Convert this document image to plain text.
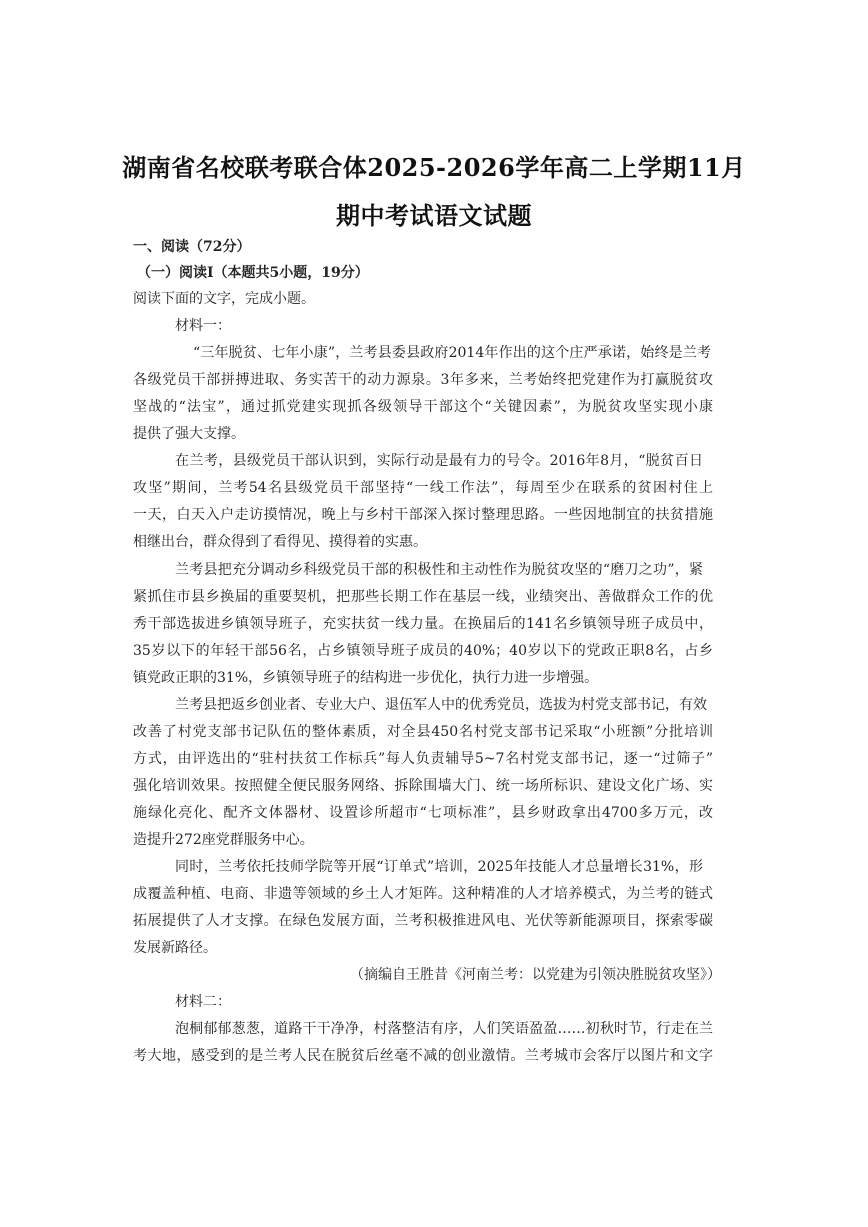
湖南省名校联考联合体2025-2026学年高二上学期11月
期中考试语文试题
一、阅读（72分）
（一）阅读Ⅰ（本题共5小题，19分）
阅读下面的文字，完成小题。
材料一：
“三年脱贫、七年小康”，兰考县委县政府2014年作出的这个庄严承诺，始终是兰考
各级党员干部拼搏进取、务实苦干的动力源泉。3年多来，兰考始终把党建作为打赢脱贫攻
坚战的“法宝”，通过抓党建实现抓各级领导干部这个“关键因素”，为脱贫攻坚实现小康
提供了强大支撑。
在兰考，县级党员干部认识到，实际行动是最有力的号令。2016年8月，“脱贫百日
攻坚”期间，兰考54名县级党员干部坚持“一线工作法”，每周至少在联系的贫困村住上
一天，白天入户走访摸情况，晚上与乡村干部深入探讨整理思路。一些因地制宜的扶贫措施
相继出台，群众得到了看得见、摸得着的实惠。
兰考县把充分调动乡科级党员干部的积极性和主动性作为脱贫攻坚的“磨刀之功”，紧
紧抓住市县乡换届的重要契机，把那些长期工作在基层一线，业绩突出、善做群众工作的优
秀干部选拔进乡镇领导班子，充实扶贫一线力量。在换届后的141名乡镇领导班子成员中，
35岁以下的年轻干部56名，占乡镇领导班子成员的40%；40岁以下的党政正职8名，占乡
镇党政正职的31%，乡镇领导班子的结构进一步优化，执行力进一步增强。
兰考县把返乡创业者、专业大户、退伍军人中的优秀党员，选拔为村党支部书记，有效
改善了村党支部书记队伍的整体素质，对全县450名村党支部书记采取“小班额”分批培训
方式，由评选出的“驻村扶贫工作标兵”每人负责辅导5~7名村党支部书记，逐一“过筛子”
强化培训效果。按照健全便民服务网络、拆除围墙大门、统一场所标识、建设文化广场、实
施绿化亮化、配齐文体器材、设置诊所超市“七项标准”，县乡财政拿出4700多万元，改
造提升272座党群服务中心。
同时，兰考依托技师学院等开展“订单式”培训，2025年技能人才总量增长31%，形
成覆盖种植、电商、非遗等领域的乡土人才矩阵。这种精准的人才培养模式，为兰考的链式
拓展提供了人才支撑。在绿色发展方面，兰考积极推进风电、光伏等新能源项目，探索零碳
发展新路径。
（摘编自王胜昔《河南兰考：以党建为引领决胜脱贫攻坚》）
材料二：
泡桐郁郁葱葱，道路干干净净，村落整洁有序，人们笑语盈盈……初秋时节，行走在兰
考大地，感受到的是兰考人民在脱贫后丝毫不减的创业激情。兰考城市会客厅以图片和文字
